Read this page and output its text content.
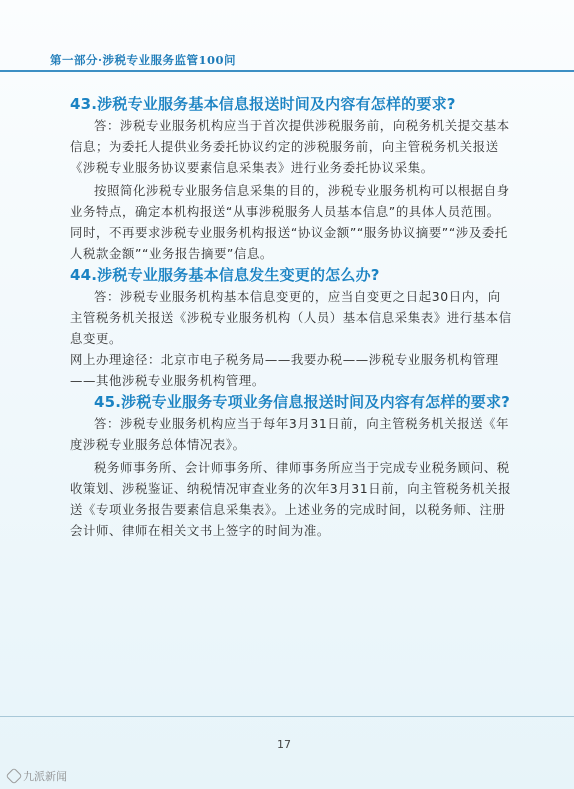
第一部分·涉税专业服务监管100问

43.涉税专业服务基本信息报送时间及内容有怎样的要求?

答：涉税专业服务机构应当于首次提供涉税服务前，向税务机关提交基本信息；为委托人提供业务委托协议约定的涉税服务前，向主管税务机关报送《涉税专业服务协议要素信息采集表》进行业务委托协议采集。

按照简化涉税专业服务信息采集的目的，涉税专业服务机构可以根据自身业务特点，确定本机构报送“从事涉税服务人员基本信息”的具体人员范围。同时，不再要求涉税专业服务机构报送“协议金额”“服务协议摘要”“涉及委托人税款金额”“业务报告摘要”信息。

44.涉税专业服务基本信息发生变更的怎么办?

答：涉税专业服务机构基本信息变更的，应当自变更之日起30日内，向主管税务机关报送《涉税专业服务机构（人员）基本信息采集表》进行基本信息变更。

网上办理途径：北京市电子税务局——我要办税——涉税专业服务机构管理——其他涉税专业服务机构管理。

45.涉税专业服务专项业务信息报送时间及内容有怎样的要求?

答：涉税专业服务机构应当于每年3月31日前，向主管税务机关报送《年度涉税专业服务总体情况表》。

税务师事务所、会计师事务所、律师事务所应当于完成专业税务顾问、税收策划、涉税鉴证、纳税情况审查业务的次年3月31日前，向主管税务机关报送《专项业务报告要素信息采集表》。上述业务的完成时间，以税务师、注册会计师、律师在相关文书上签字的时间为准。

17
九派新闻
